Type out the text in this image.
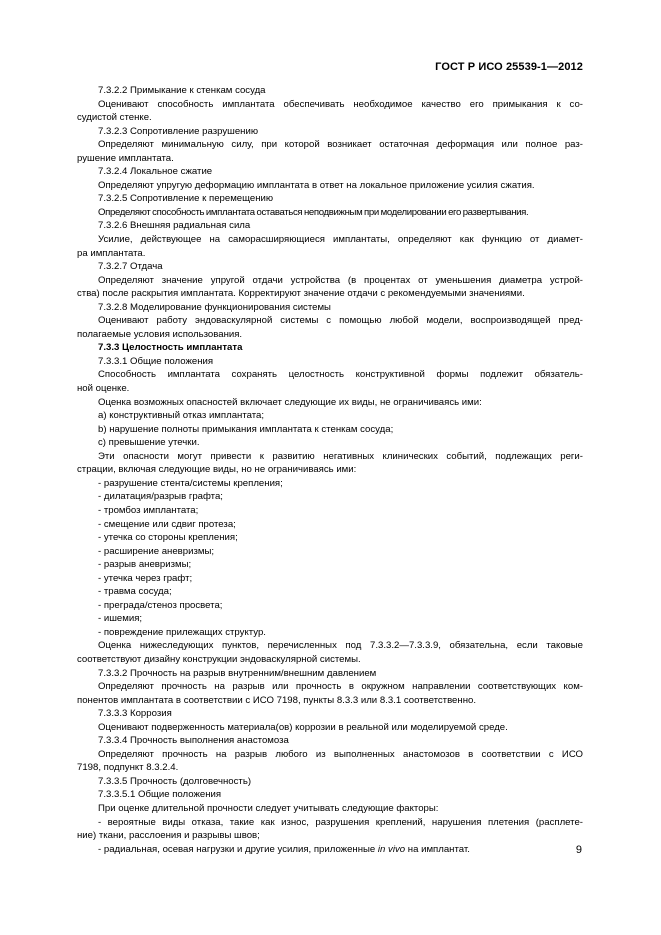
ГОСТ Р ИСО 25539-1—2012
7.3.2.2 Примыкание к стенкам сосуда
Оценивают способность имплантата обеспечивать необходимое качество его примыкания к со-
судистой стенке.
7.3.2.3 Сопротивление разрушению
Определяют минимальную силу, при которой возникает остаточная деформация или полное раз-
рушение имплантата.
7.3.2.4 Локальное сжатие
Определяют упругую деформацию имплантата в ответ на локальное приложение усилия сжатия.
7.3.2.5 Сопротивление к перемещению
Определяют способность имплантата оставаться неподвижным при моделировании его развертывания.
7.3.2.6 Внешняя радиальная сила
Усилие, действующее на саморасширяющиеся имплантаты, определяют как функцию от диамет-
ра имплантата.
7.3.2.7 Отдача
Определяют значение упругой отдачи устройства (в процентах от уменьшения диаметра устрой-
ства) после раскрытия имплантата. Корректируют значение отдачи с рекомендуемыми значениями.
7.3.2.8 Моделирование функционирования системы
Оценивают работу эндоваскулярной системы с помощью любой модели, воспроизводящей пред-
полагаемые условия использования.
7.3.3 Целостность имплантата
7.3.3.1 Общие положения
Способность имплантата сохранять целостность конструктивной формы подлежит обязатель-
ной оценке.
Оценка возможных опасностей включает следующие их виды, не ограничиваясь ими:
a) конструктивный отказ имплантата;
b) нарушение полноты примыкания имплантата к стенкам сосуда;
c) превышение утечки.
Эти опасности могут привести к развитию негативных клинических событий, подлежащих реги-
страции, включая следующие виды, но не ограничиваясь ими:
- разрушение стента/системы крепления;
- дилатация/разрыв графта;
- тромбоз имплантата;
- смещение или сдвиг протеза;
- утечка со стороны крепления;
- расширение аневризмы;
- разрыв аневризмы;
- утечка через графт;
- травма сосуда;
- преграда/стеноз просвета;
- ишемия;
- повреждение прилежащих структур.
Оценка нижеследующих пунктов, перечисленных под 7.3.3.2—7.3.3.9, обязательна, если таковые
соответствуют дизайну конструкции эндоваскулярной системы.
7.3.3.2 Прочность на разрыв внутренним/внешним давлением
Определяют прочность на разрыв или прочность в окружном направлении соответствующих ком-
понентов имплантата в соответствии с ИСО 7198, пункты 8.3.3 или 8.3.1 соответственно.
7.3.3.3 Коррозия
Оценивают подверженность материала(ов) коррозии в реальной или моделируемой среде.
7.3.3.4 Прочность выполнения анастомоза
Определяют прочность на разрыв любого из выполненных анастомозов в соответствии с ИСО
7198, подпункт 8.3.2.4.
7.3.3.5 Прочность (долговечность)
7.3.3.5.1 Общие положения
При оценке длительной прочности следует учитывать следующие факторы:
- вероятные виды отказа, такие как износ, разрушения креплений, нарушения плетения (расплете-
ние) ткани, расслоения и разрывы швов;
- радиальная, осевая нагрузки и другие усилия, приложенные in vivo на имплантат.	9
